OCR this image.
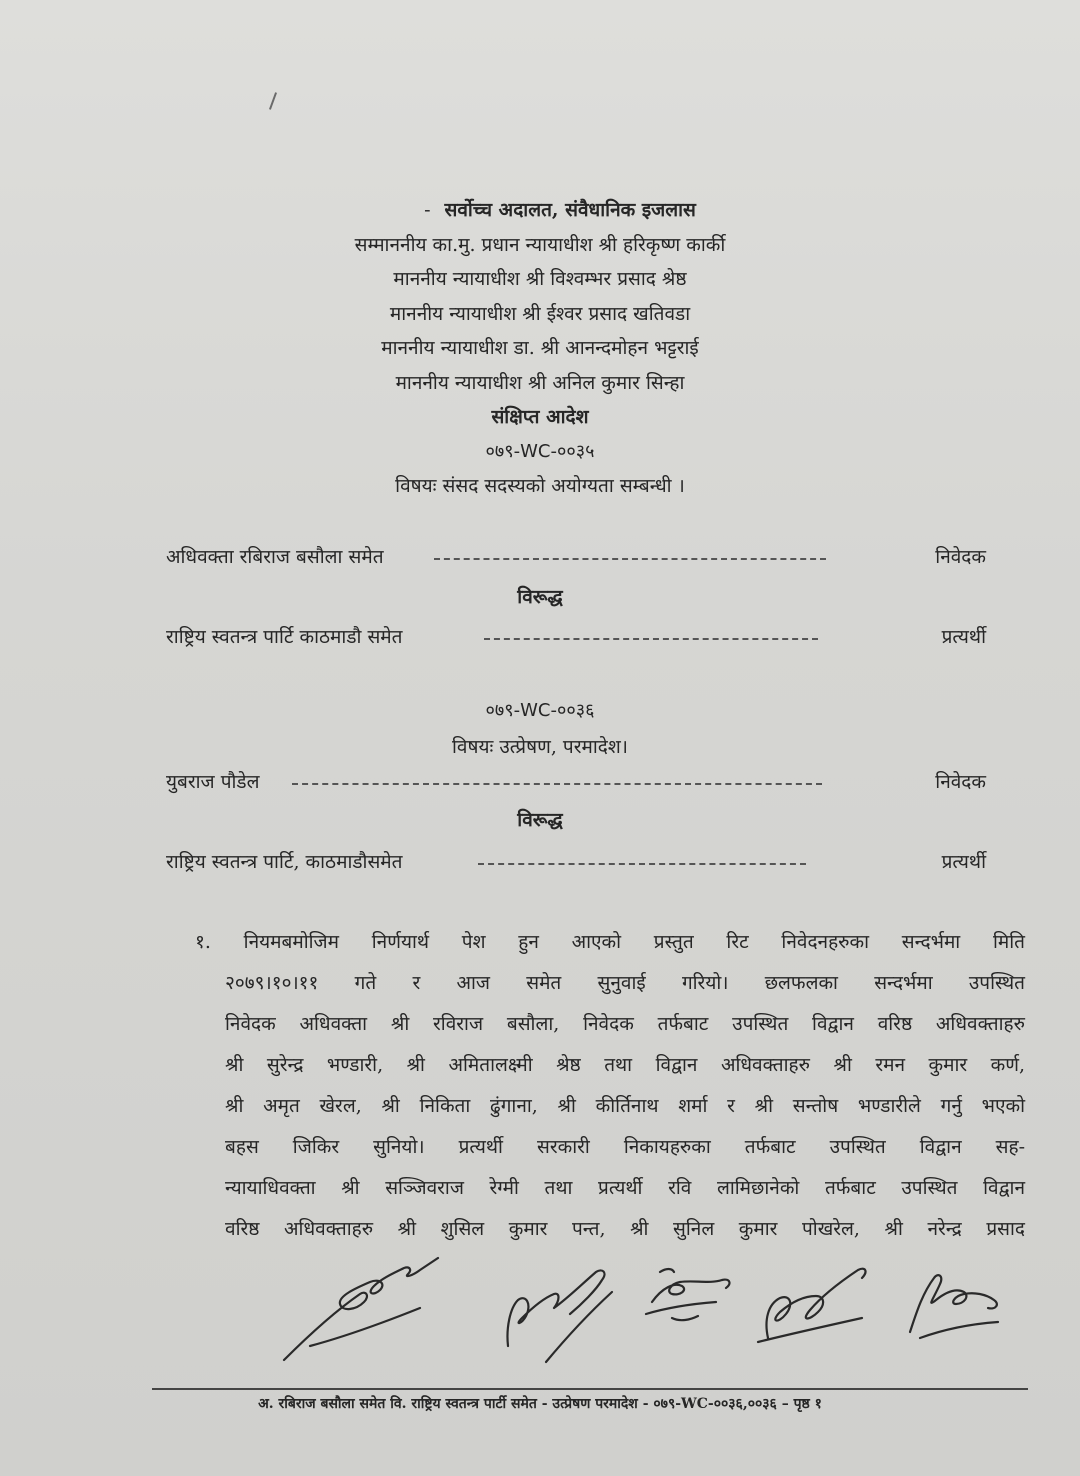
- सर्वोच्च अदालत, संवैधानिक इजलास
सम्माननीय का.मु. प्रधान न्यायाधीश श्री हरिकृष्ण कार्की
माननीय न्यायाधीश श्री विश्वम्भर प्रसाद श्रेष्ठ
माननीय न्यायाधीश श्री ईश्वर प्रसाद खतिवडा
माननीय न्यायाधीश डा. श्री आनन्दमोहन भट्टराई
माननीय न्यायाधीश श्री अनिल कुमार सिन्हा
संक्षिप्त आदेश
०७९-WC-००३५
विषयः संसद सदस्यको अयोग्यता सम्बन्धी ।
अधिवक्ता रबिराज बसौला समेत	निवेदक
राष्ट्रिय स्वतन्त्र पार्टि काठमाडौ समेत	प्रत्यर्थी
विरूद्ध
०७९-WC-००३६
विषयः उत्प्रेषण, परमादेश।
युबराज पौडेल	निवेदक
राष्ट्रिय स्वतन्त्र पार्टि, काठमाडौसमेत	प्रत्यर्थी
विरूद्ध
१. नियमबमोजिम निर्णयार्थ पेश हुन आएको प्रस्तुत रिट निवेदनहरुका सन्दर्भमा मिति
२०७९।१०।११ गते र आज समेत सुनुवाई गरियो। छलफलका सन्दर्भमा उपस्थित
निवेदक अधिवक्ता श्री रविराज बसौला, निवेदक तर्फबाट उपस्थित विद्वान वरिष्ठ अधिवक्ताहरु
श्री सुरेन्द्र भण्डारी, श्री अमितालक्ष्मी श्रेष्ठ तथा विद्वान अधिवक्ताहरु श्री रमन कुमार कर्ण,
श्री अमृत खेरल, श्री निकिता ढुंगाना, श्री कीर्तिनाथ शर्मा र श्री सन्तोष भण्डारीले गर्नु भएको
बहस जिकिर सुनियो। प्रत्यर्थी सरकारी निकायहरुका तर्फबाट उपस्थित विद्वान सह-
न्यायाधिवक्ता श्री सञ्जिवराज रेग्मी तथा प्रत्यर्थी रवि लामिछानेको तर्फबाट उपस्थित विद्वान
वरिष्ठ अधिवक्ताहरु श्री शुसिल कुमार पन्त, श्री सुनिल कुमार पोखरेल, श्री नरेन्द्र प्रसाद
अ. रबिराज बसौला समेत वि. राष्ट्रिय स्वतन्त्र पार्टी समेत - उत्प्रेषण परमादेश - ०७९-WC-००३६,००३६ – पृष्ठ १
